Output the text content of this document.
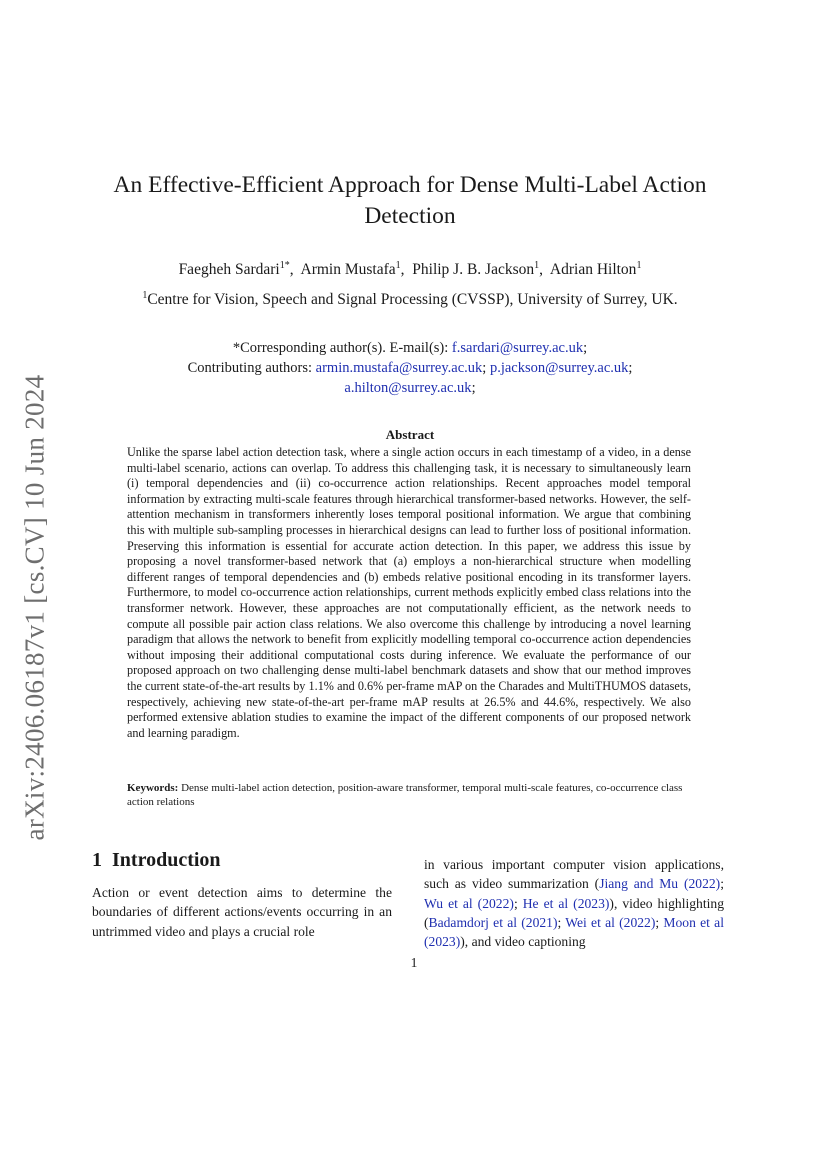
arXiv:2406.06187v1 [cs.CV] 10 Jun 2024
An Effective-Efficient Approach for Dense Multi-Label Action Detection
Faegheh Sardari$^{1*}$,  Armin Mustafa$^1$,  Philip J. B. Jackson$^1$,  Adrian Hilton$^1$
$^1$Centre for Vision, Speech and Signal Processing (CVSSP), University of Surrey, UK.
*Corresponding author(s). E-mail(s): f.sardari@surrey.ac.uk;
Contributing authors: armin.mustafa@surrey.ac.uk; p.jackson@surrey.ac.uk;
a.hilton@surrey.ac.uk;
Abstract
Unlike the sparse label action detection task, where a single action occurs in each timestamp of a video, in a dense multi-label scenario, actions can overlap. To address this challenging task, it is necessary to simultaneously learn (i) temporal dependencies and (ii) co-occurrence action relationships. Recent approaches model temporal information by extracting multi-scale features through hierarchical transformer-based networks. However, the self-attention mechanism in transformers inherently loses temporal positional information. We argue that combining this with multiple sub-sampling processes in hierarchical designs can lead to further loss of positional information. Preserving this information is essential for accurate action detection. In this paper, we address this issue by proposing a novel transformer-based network that (a) employs a non-hierarchical structure when modelling different ranges of temporal dependencies and (b) embeds relative positional encoding in its transformer layers. Furthermore, to model co-occurrence action relationships, current methods explicitly embed class relations into the transformer network. However, these approaches are not computationally efficient, as the network needs to compute all possible pair action class relations. We also overcome this challenge by introducing a novel learning paradigm that allows the network to benefit from explicitly modelling temporal co-occurrence action dependencies without imposing their additional computational costs during inference. We evaluate the performance of our proposed approach on two challenging dense multi-label benchmark datasets and show that our method improves the current state-of-the-art results by 1.1% and 0.6% per-frame mAP on the Charades and MultiTHUMOS datasets, respectively, achieving new state-of-the-art per-frame mAP results at 26.5% and 44.6%, respectively. We also performed extensive ablation studies to examine the impact of the different components of our proposed network and learning paradigm.
Keywords: Dense multi-label action detection, position-aware transformer, temporal multi-scale features, co-occurrence class action relations
1 Introduction
Action or event detection aims to determine the boundaries of different actions/events occurring in an untrimmed video and plays a crucial role
in various important computer vision applications, such as video summarization (Jiang and Mu (2022); Wu et al (2022); He et al (2023)), video highlighting (Badamdorj et al (2021); Wei et al (2022); Moon et al (2023)), and video captioning
1
